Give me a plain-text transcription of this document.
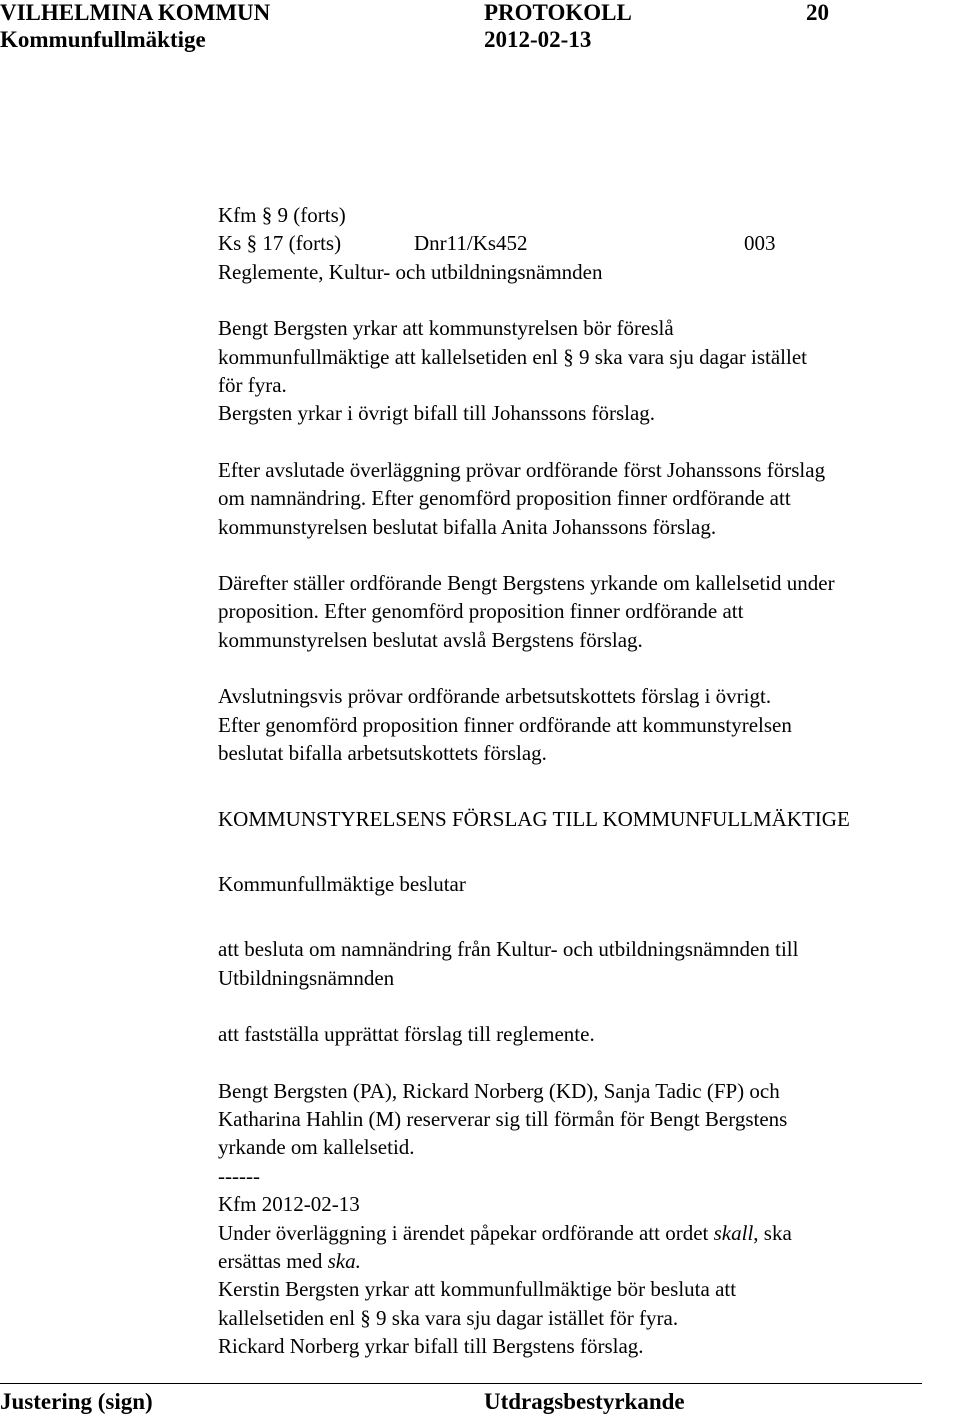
VILHELMINA KOMMUN	PROTOKOLL	20
Kommunfullmäktige	2012-02-13
Kfm § 9 (forts)
Ks § 17 (forts)	Dnr11/Ks452	003
Reglemente, Kultur- och utbildningsnämnden
Bengt Bergsten yrkar att kommunstyrelsen bör föreslå
kommunfullmäktige att kallelsetiden enl § 9 ska vara sju dagar istället
för fyra.
Bergsten yrkar i övrigt bifall till Johanssons förslag.
Efter avslutade överläggning prövar ordförande först Johanssons förslag
om namnändring. Efter genomförd proposition finner ordförande att
kommunstyrelsen beslutat bifalla Anita Johanssons förslag.
Därefter ställer ordförande Bengt Bergstens yrkande om kallelsetid under
proposition. Efter genomförd proposition finner ordförande att
kommunstyrelsen beslutat avslå Bergstens förslag.
Avslutningsvis prövar ordförande arbetsutskottets förslag i övrigt.
Efter genomförd proposition finner ordförande att kommunstyrelsen
beslutat bifalla arbetsutskottets förslag.
KOMMUNSTYRELSENS FÖRSLAG TILL KOMMUNFULLMÄKTIGE
Kommunfullmäktige beslutar
att besluta om namnändring från Kultur- och utbildningsnämnden till
Utbildningsnämnden
att fastställa upprättat förslag till reglemente.
Bengt Bergsten (PA), Rickard Norberg (KD), Sanja Tadic (FP) och
Katharina Hahlin (M) reserverar sig till förmån för Bengt Bergstens
yrkande om kallelsetid.
------
Kfm 2012-02-13
Under överläggning i ärendet påpekar ordförande att ordet skall, ska
ersättas med ska.
Kerstin Bergsten yrkar att kommunfullmäktige bör besluta att
kallelsetiden enl § 9 ska vara sju dagar istället för fyra.
Rickard Norberg yrkar bifall till Bergstens förslag.
Justering (sign)	Utdragsbestyrkande
